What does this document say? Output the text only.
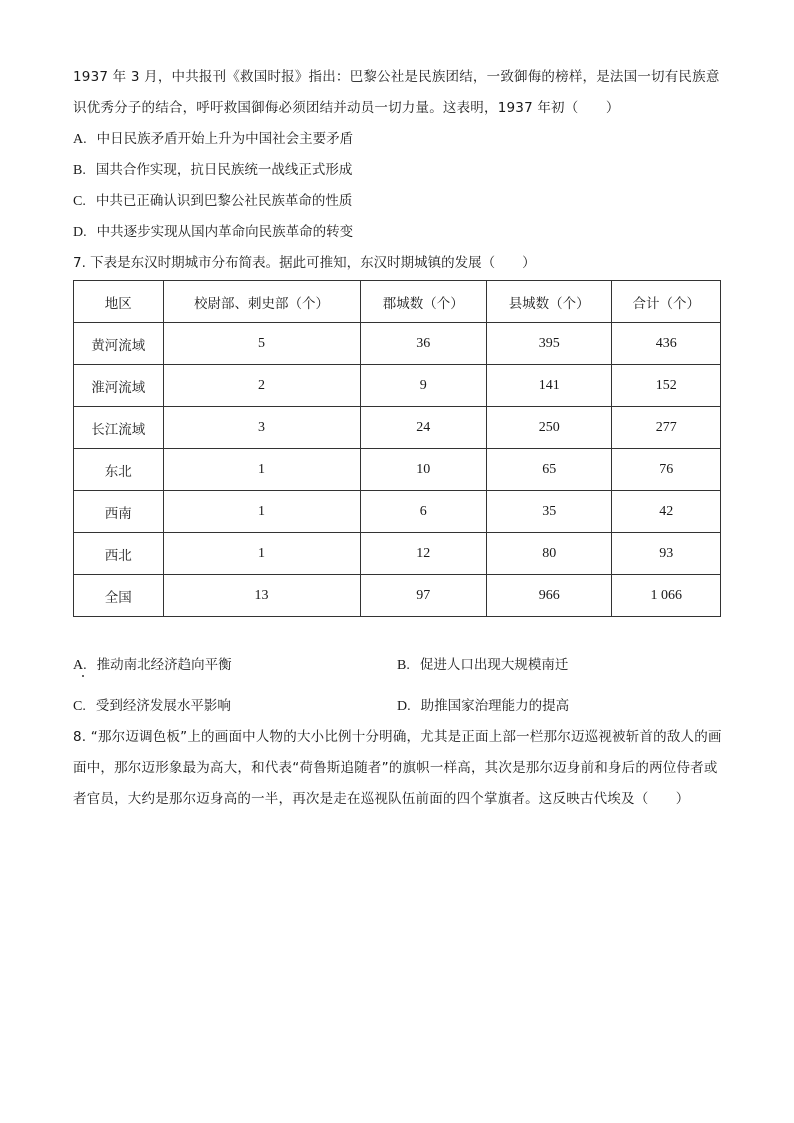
1937 年 3 月，中共报刊《救国时报》指出：巴黎公社是民族团结，一致御侮的榜样，是法国一切有民族意识优秀分子的结合，呼吁救国御侮必须团结并动员一切力量。这表明，1937 年初（　　）

A. 中日民族矛盾开始上升为中国社会主要矛盾

B. 国共合作实现，抗日民族统一战线正式形成

C. 中共已正确认识到巴黎公社民族革命的性质

D. 中共逐步实现从国内革命向民族革命的转变

7. 下表是东汉时期城市分布简表。据此可推知，东汉时期城镇的发展（　　）

地区	校尉部、刺史部（个）	郡城数（个）	县城数（个）	合计（个）
黄河流域	5	36	395	436
淮河流域	2	9	141	152
长江流域	3	24	250	277
东北	1	10	65	76
西南	1	6	35	42
西北	1	12	80	93
全国	13	97	966	1 066
A. 推动南北经济趋向平衡	B. 促进人口出现大规模南迁
C. 受到经济发展水平影响	D. 助推国家治理能力的提高

8. “那尔迈调色板”上的画面中人物的大小比例十分明确，尤其是正面上部一栏那尔迈巡视被斩首的敌人的画面中，那尔迈形象最为高大，和代表“荷鲁斯追随者”的旗帜一样高，其次是那尔迈身前和身后的两位侍者或者官员，大约是那尔迈身高的一半，再次是走在巡视队伍前面的四个掌旗者。这反映古代埃及（　　）
